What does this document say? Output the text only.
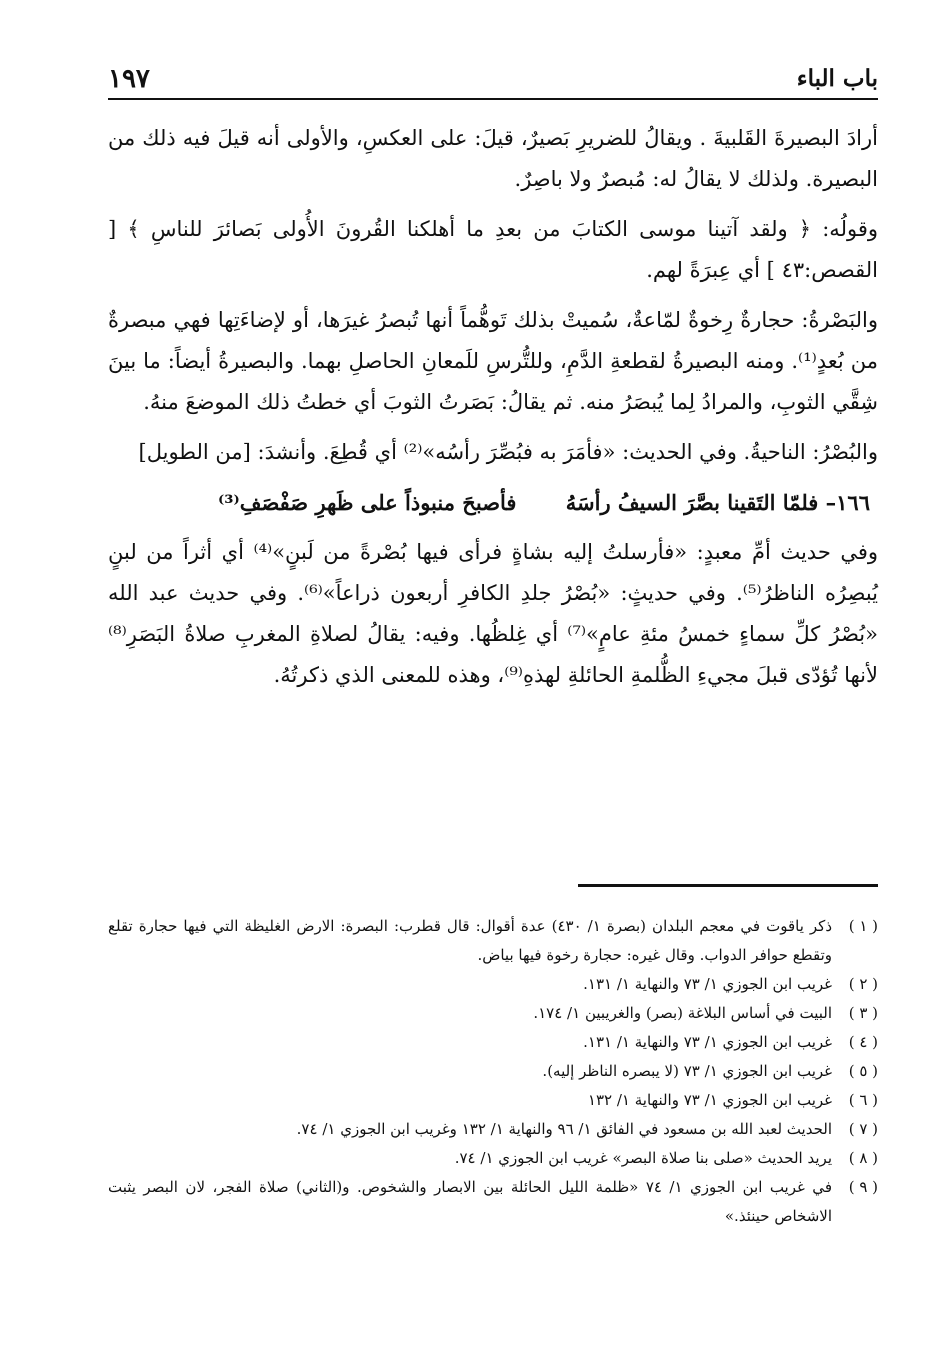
باب الباء
١٩٧

أرادَ البصيرةَ القَلبيةَ . ويقالُ للضريرِ بَصيرٌ، قيلَ: على العكسِ، والأولى أنه قيلَ فيه ذلك من البصيرة. ولذلك لا يقالُ له: مُبصرٌ ولا باصِرٌ.

وقولُه: ﴿ ولقد آتينا موسى الكتابَ من بعدِ ما أهلكنا القُرونَ الأُولى بَصائرَ للناسِ ﴾ [ القصص:٤٣ ] أي عِبرَةً لهم.

والبَصْرةُ: حجارةٌ رِخوةٌ لمّاعةٌ، سُميتْ بذلك تَوهُّماً أنها تُبصرُ غيرَها، أو لإضاءَتِها فهي مبصرةٌ من بُعدٍ⁽¹⁾. ومنه البصيرةُ لقطعةِ الدَّمِ، وللتُّرسِ للَمعانِ الحاصلِ بهما. والبصيرةُ أيضاً: ما بينَ شِقَّي الثوبِ، والمرادُ لِما يُبصَرُ منه. ثم يقالُ: بَصَرتُ الثوبَ أي خطتُ ذلك الموضعَ منهُ.

والبُصْرُ: الناحيةُ. وفي الحديث: «فأمَرَ به فبُصِّرَ رأسُه»⁽²⁾ أي قُطِعَ. وأنشدَ: [من الطويل]

١٦٦– فلمّا التَقينا بصَّرَ السيفُ رأسَهُ
فأصبحَ منبوذاً على ظَهرِ صَفْصَفِ⁽³⁾

وفي حديث أمِّ معبدٍ: «فأرسلتُ إليه بشاةٍ فرأى فيها بُصْرةً من لَبنٍ»⁽⁴⁾ أي أثراً من لبنٍ يُبصِرُه الناظرُ⁽⁵⁾. وفي حديثٍ: «بُصْرُ جلدِ الكافرِ أربعون ذراعاً»⁽⁶⁾. وفي حديث عبد الله «بُصْرُ كلِّ سماءٍ خمسُ مئةِ عامٍ»⁽⁷⁾ أي غِلظُها. وفيه: يقالُ لصلاةِ المغربِ صلاةُ البَصَرِ⁽⁸⁾ لأنها تُؤدّى قبلَ مجيءِ الظُّلمةِ الحائلةِ لهذهِ⁽⁹⁾، وهذه للمعنى الذي ذكرتُهُ.

( ١ )
ذكر ياقوت في معجم البلدان (بصرة ١/ ٤٣٠) عدة أقوال: قال قطرب: البصرة: الارض الغليظة التي فيها حجارة تقلع وتقطع حوافر الدواب. وقال غيره: حجارة رخوة فيها بياض.
( ٢ )
غريب ابن الجوزي ١/ ٧٣ والنهاية ١/ ١٣١.
( ٣ )
البيت في أساس البلاغة (بصر) والغريبين ١/ ١٧٤.
( ٤ )
غريب ابن الجوزي ١/ ٧٣ والنهاية ١/ ١٣١.
( ٥ )
غريب ابن الجوزي ١/ ٧٣ (لا يبصره الناظر إليه).
( ٦ )
غريب ابن الجوزي ١/ ٧٣ والنهاية ١/ ١٣٢
( ٧ )
الحديث لعبد الله بن مسعود في الفائق ١/ ٩٦ والنهاية ١/ ١٣٢ وغريب ابن الجوزي ١/ ٧٤.
( ٨ )
يريد الحديث «صلى بنا صلاة البصر» غريب ابن الجوزي ١/ ٧٤.
( ٩ )
في غريب ابن الجوزي ١/ ٧٤ «ظلمة الليل الحائلة بين الابصار والشخوص. و(الثاني) صلاة الفجر، لان البصر يثبت الاشخاص حينئذ.»
